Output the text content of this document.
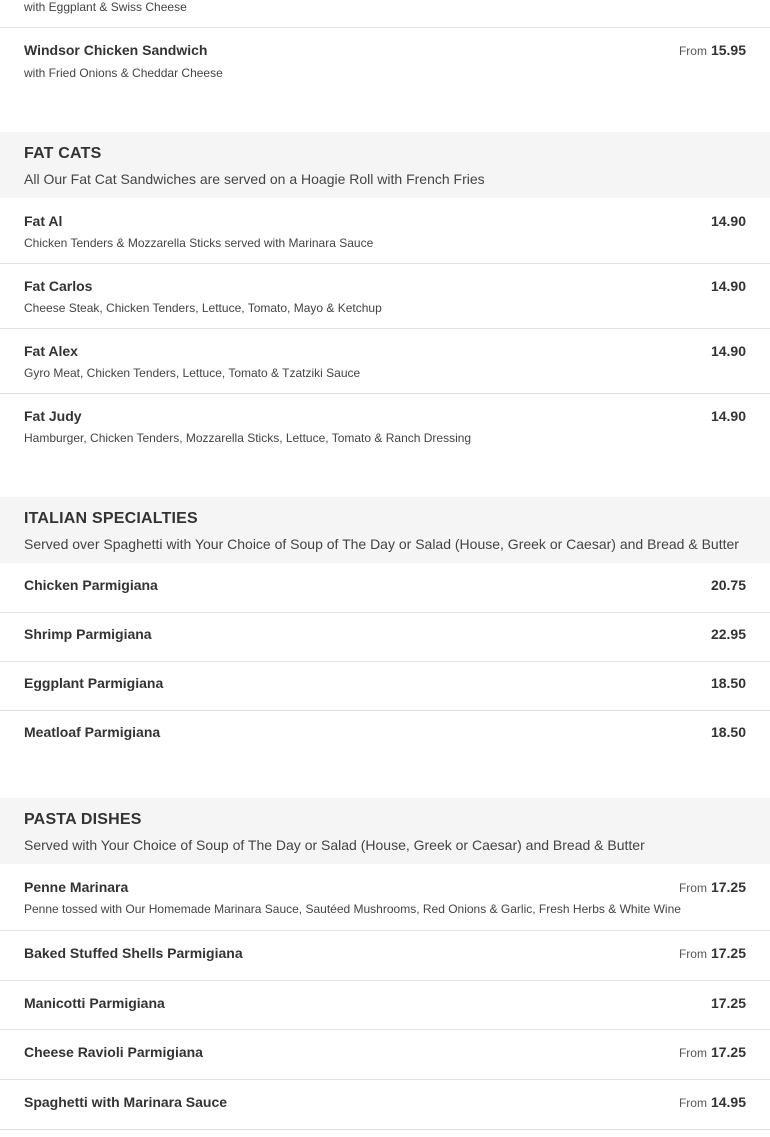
with Eggplant & Swiss Cheese
Windsor Chicken Sandwich
with Fried Onions & Cheddar Cheese
From 15.95
FAT CATS
All Our Fat Cat Sandwiches are served on a Hoagie Roll with French Fries
Fat Al
Chicken Tenders & Mozzarella Sticks served with Marinara Sauce
14.90
Fat Carlos
Cheese Steak, Chicken Tenders, Lettuce, Tomato, Mayo & Ketchup
14.90
Fat Alex
Gyro Meat, Chicken Tenders, Lettuce, Tomato & Tzatziki Sauce
14.90
Fat Judy
Hamburger, Chicken Tenders, Mozzarella Sticks, Lettuce, Tomato & Ranch Dressing
14.90
ITALIAN SPECIALTIES
Served over Spaghetti with Your Choice of Soup of The Day or Salad (House, Greek or Caesar) and Bread & Butter
Chicken Parmigiana	20.75
Shrimp Parmigiana	22.95
Eggplant Parmigiana	18.50
Meatloaf Parmigiana	18.50
PASTA DISHES
Served with Your Choice of Soup of The Day or Salad (House, Greek or Caesar) and Bread & Butter
Penne Marinara
Penne tossed with Our Homemade Marinara Sauce, Sautéed Mushrooms, Red Onions & Garlic, Fresh Herbs & White Wine
From 17.25
Baked Stuffed Shells Parmigiana	From 17.25
Manicotti Parmigiana	17.25
Cheese Ravioli Parmigiana	From 17.25
Spaghetti with Marinara Sauce	From 14.95
